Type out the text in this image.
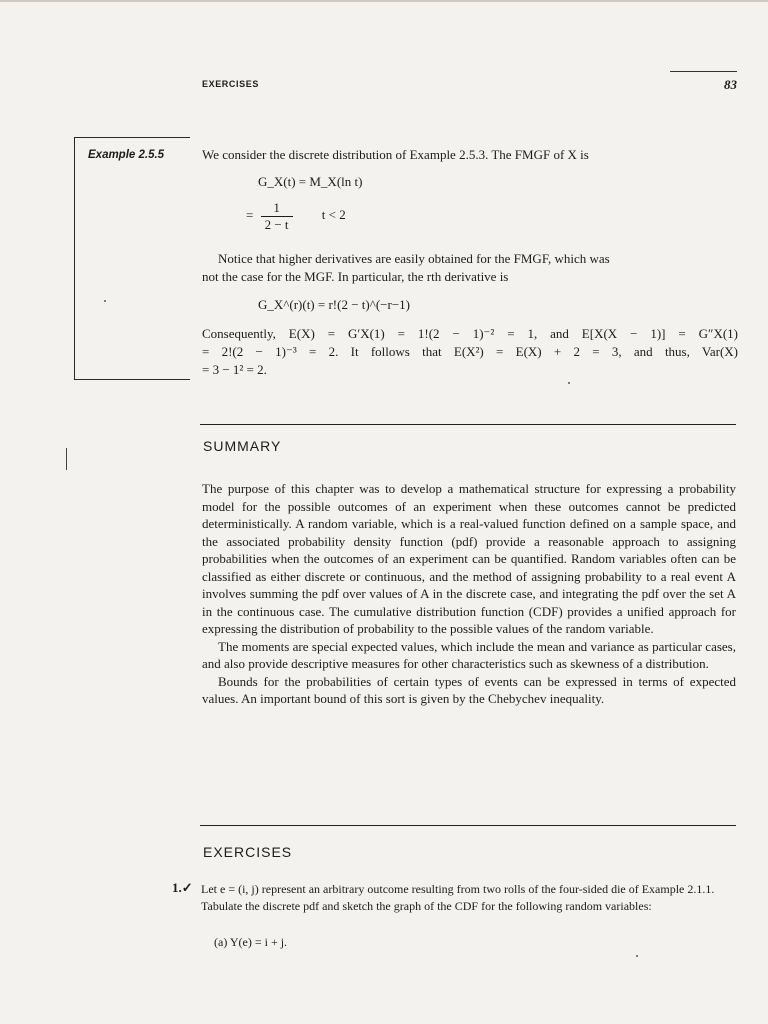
EXERCISES	83
Example 2.5.5	We consider the discrete distribution of Example 2.5.3. The FMGF of X is
G_X(t) = M_X(ln t)
= $\frac{1}{2 - t}$ t < 2
Notice that higher derivatives are easily obtained for the FMGF, which was
not the case for the MGF. In particular, the rth derivative is
G_X^(r)(t) = r!(2 − t)^(−r−1)
Consequently, E(X) = G′X(1) = 1!(2 − 1)⁻² = 1, and E[X(X − 1)] = G″X(1)
= 2!(2 − 1)⁻³ = 2. It follows that E(X²) = E(X) + 2 = 3, and thus, Var(X)
= 3 − 1² = 2.
SUMMARY

The purpose of this chapter was to develop a mathematical structure for expressing a probability model for the possible outcomes of an experiment when these outcomes cannot be predicted deterministically. A random variable, which is a real-valued function defined on a sample space, and the associated probability density function (pdf) provide a reasonable approach to assigning probabilities when the outcomes of an experiment can be quantified. Random variables often can be classified as either discrete or continuous, and the method of assigning probability to a real event A involves summing the pdf over values of A in the discrete case, and integrating the pdf over the set A in the continuous case. The cumulative distribution function (CDF) provides a unified approach for expressing the distribution of probability to the possible values of the random variable.

The moments are special expected values, which include the mean and variance as particular cases, and also provide descriptive measures for other characteristics such as skewness of a distribution.

Bounds for the probabilities of certain types of events can be expressed in terms of expected values. An important bound of this sort is given by the Chebychev inequality.

EXERCISES
1.✓ Let e = (i, j) represent an arbitrary outcome resulting from two rolls of the four-sided die of Example 2.1.1. Tabulate the discrete pdf and sketch the graph of the CDF for the following random variables:
(a) Y(e) = i + j.
